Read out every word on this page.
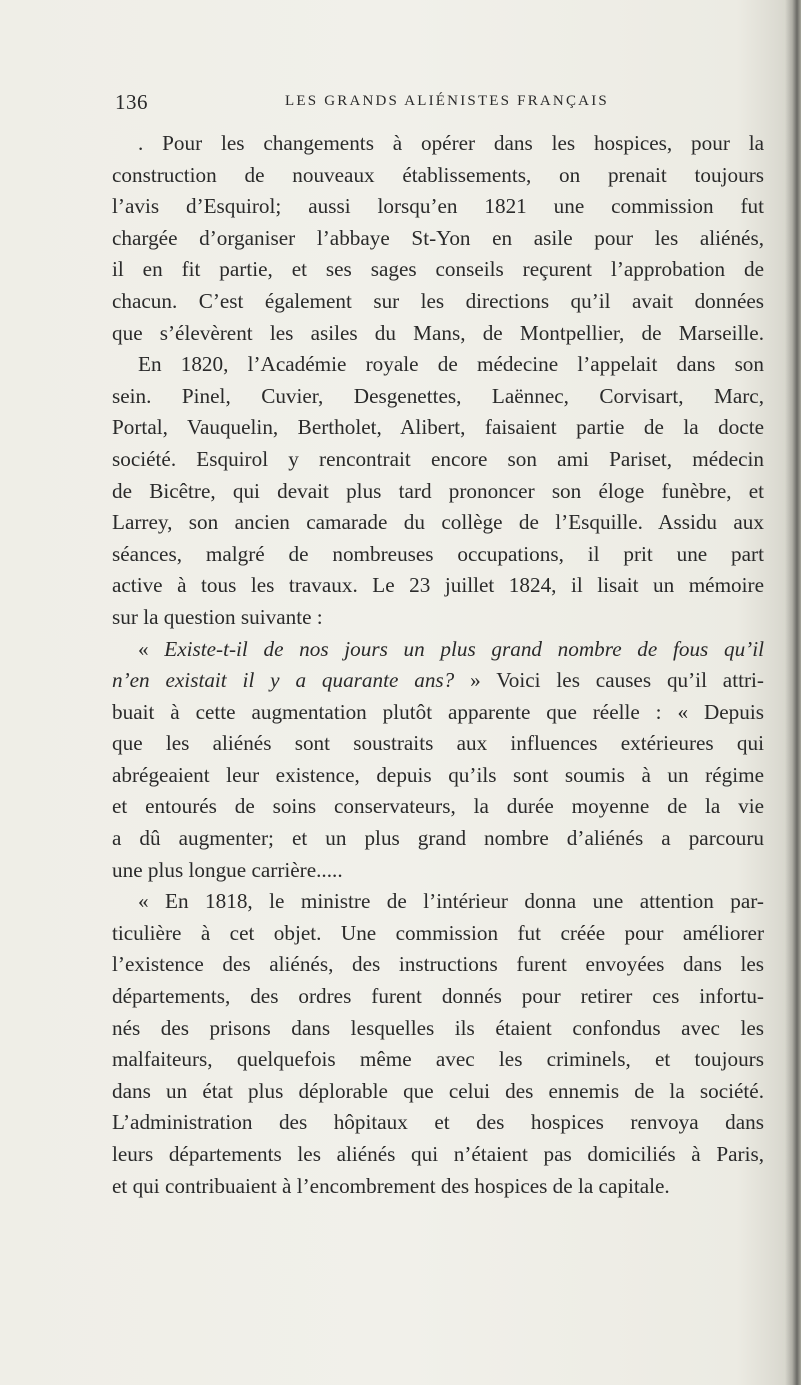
136	LES GRANDS ALIÉNISTES FRANÇAIS
. Pour les changements à opérer dans les hospices, pour la
construction de nouveaux établissements, on prenait toujours
l’avis d’Esquirol; aussi lorsqu’en 1821 une commission fut
chargée d’organiser l’abbaye St-Yon en asile pour les aliénés,
il en fit partie, et ses sages conseils reçurent l’approbation de
chacun. C’est également sur les directions qu’il avait données
que s’élevèrent les asiles du Mans, de Montpellier, de Marseille.
En 1820, l’Académie royale de médecine l’appelait dans son
sein. Pinel, Cuvier, Desgenettes, Laënnec, Corvisart, Marc,
Portal, Vauquelin, Bertholet, Alibert, faisaient partie de la docte
société. Esquirol y rencontrait encore son ami Pariset, médecin
de Bicêtre, qui devait plus tard prononcer son éloge funèbre, et
Larrey, son ancien camarade du collège de l’Esquille. Assidu aux
séances, malgré de nombreuses occupations, il prit une part
active à tous les travaux. Le 23 juillet 1824, il lisait un mémoire
sur la question suivante :
« Existe-t-il de nos jours un plus grand nombre de fous qu’il
n’en existait il y a quarante ans? » Voici les causes qu’il attri-
buait à cette augmentation plutôt apparente que réelle : « Depuis
que les aliénés sont soustraits aux influences extérieures qui
abrégeaient leur existence, depuis qu’ils sont soumis à un régime
et entourés de soins conservateurs, la durée moyenne de la vie
a dû augmenter; et un plus grand nombre d’aliénés a parcouru
une plus longue carrière.....
« En 1818, le ministre de l’intérieur donna une attention par-
ticulière à cet objet. Une commission fut créée pour améliorer
l’existence des aliénés, des instructions furent envoyées dans les
départements, des ordres furent donnés pour retirer ces infortu-
nés des prisons dans lesquelles ils étaient confondus avec les
malfaiteurs, quelquefois même avec les criminels, et toujours
dans un état plus déplorable que celui des ennemis de la société.
L’administration des hôpitaux et des hospices renvoya dans
leurs départements les aliénés qui n’étaient pas domiciliés à Paris,
et qui contribuaient à l’encombrement des hospices de la capitale.
